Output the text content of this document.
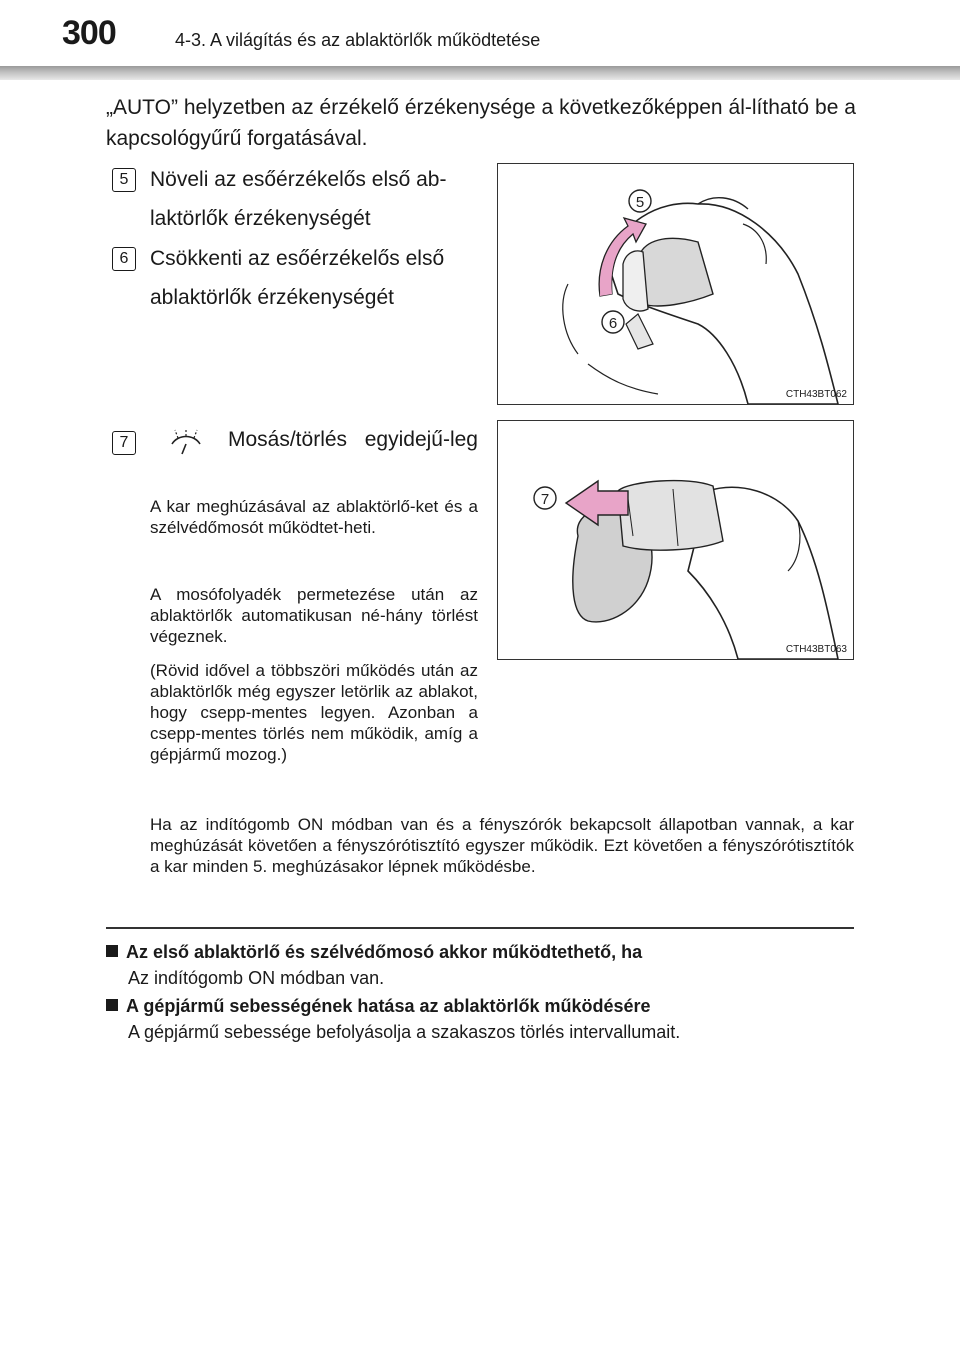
300	4-3. A világítás és az ablaktörlők működtetése
„AUTO” helyzetben az érzékelő érzékenysége a következőképpen ál-lítható be a kapcsológyűrű forgatásával.
5	Növeli az esőérzékelős első ab-laktörlők érzékenységét
6	Csökkenti az esőérzékelős első ablaktörlők érzékenységét
5
6
CTH43BT062
7	Mosás/törlés egyidejű-leg
A kar meghúzásával az ablaktörlő-ket és a szélvédőmosót működtet-heti.
A mosófolyadék permetezése után az ablaktörlők automatikusan né-hány törlést végeznek.
(Rövid idővel a többszöri működés után az ablaktörlők még egyszer letörlik az ablakot, hogy csepp-mentes legyen. Azonban a csepp-mentes törlés nem működik, amíg a gépjármű mozog.)
7
CTH43BT063
Ha az indítógomb ON módban van és a fényszórók bekapcsolt állapotban vannak, a kar meghúzását követően a fényszórótisztító egyszer működik. Ezt követően a fényszórótisztítók a kar minden 5. meghúzásakor lépnek működésbe.
Az első ablaktörlő és szélvédőmosó akkor működtethető, ha
Az indítógomb ON módban van.
A gépjármű sebességének hatása az ablaktörlők működésére
A gépjármű sebessége befolyásolja a szakaszos törlés intervallumait.
